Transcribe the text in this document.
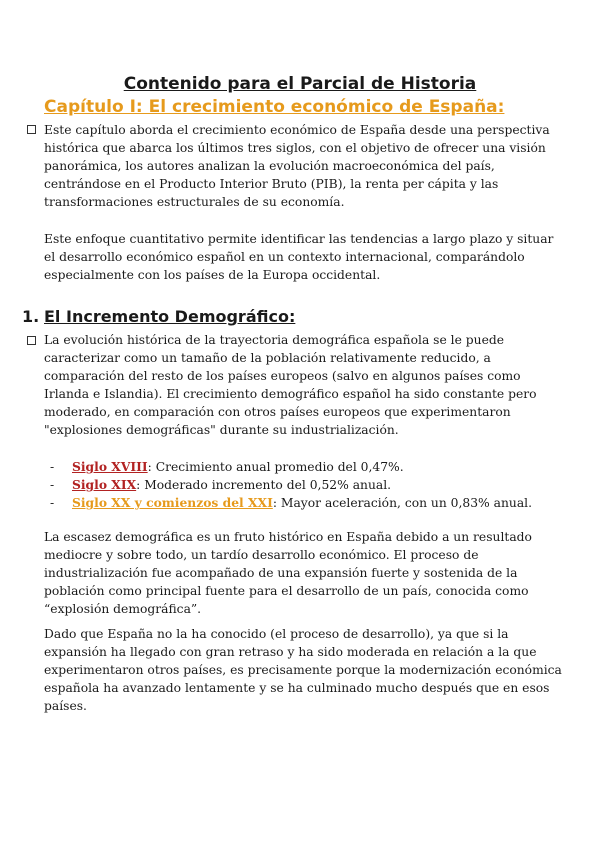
Contenido para el Parcial de Historia
Capítulo I: El crecimiento económico de España:

Este capítulo aborda el crecimiento económico de España desde una perspectiva histórica que abarca los últimos tres siglos, con el objetivo de ofrecer una visión panorámica, los autores analizan la evolución macroeconómica del país, centrándose en el Producto Interior Bruto (PIB), la renta per cápita y las transformaciones estructurales de su economía.

Este enfoque cuantitativo permite identificar las tendencias a largo plazo y situar el desarrollo económico español en un contexto internacional, comparándolo especialmente con los países de la Europa occidental.

1. El Incremento Demográfico:

La evolución histórica de la trayectoria demográfica española se le puede caracterizar como un tamaño de la población relativamente reducido, a comparación del resto de los países europeos (salvo en algunos países como Irlanda e Islandia). El crecimiento demográfico español ha sido constante pero moderado, en comparación con otros países europeos que experimentaron "explosiones demográficas" durante su industrialización.

- Siglo XVIII: Crecimiento anual promedio del 0,47%.
- Siglo XIX: Moderado incremento del 0,52% anual.
- Siglo XX y comienzos del XXI: Mayor aceleración, con un 0,83% anual.

La escasez demográfica es un fruto histórico en España debido a un resultado mediocre y sobre todo, un tardío desarrollo económico. El proceso de industrialización fue acompañado de una expansión fuerte y sostenida de la población como principal fuente para el desarrollo de un país, conocida como “explosión demográfica”.

Dado que España no la ha conocido (el proceso de desarrollo), ya que si la expansión ha llegado con gran retraso y ha sido moderada en relación a la que experimentaron otros países, es precisamente porque la modernización económica española ha avanzado lentamente y se ha culminado mucho después que en esos países.
